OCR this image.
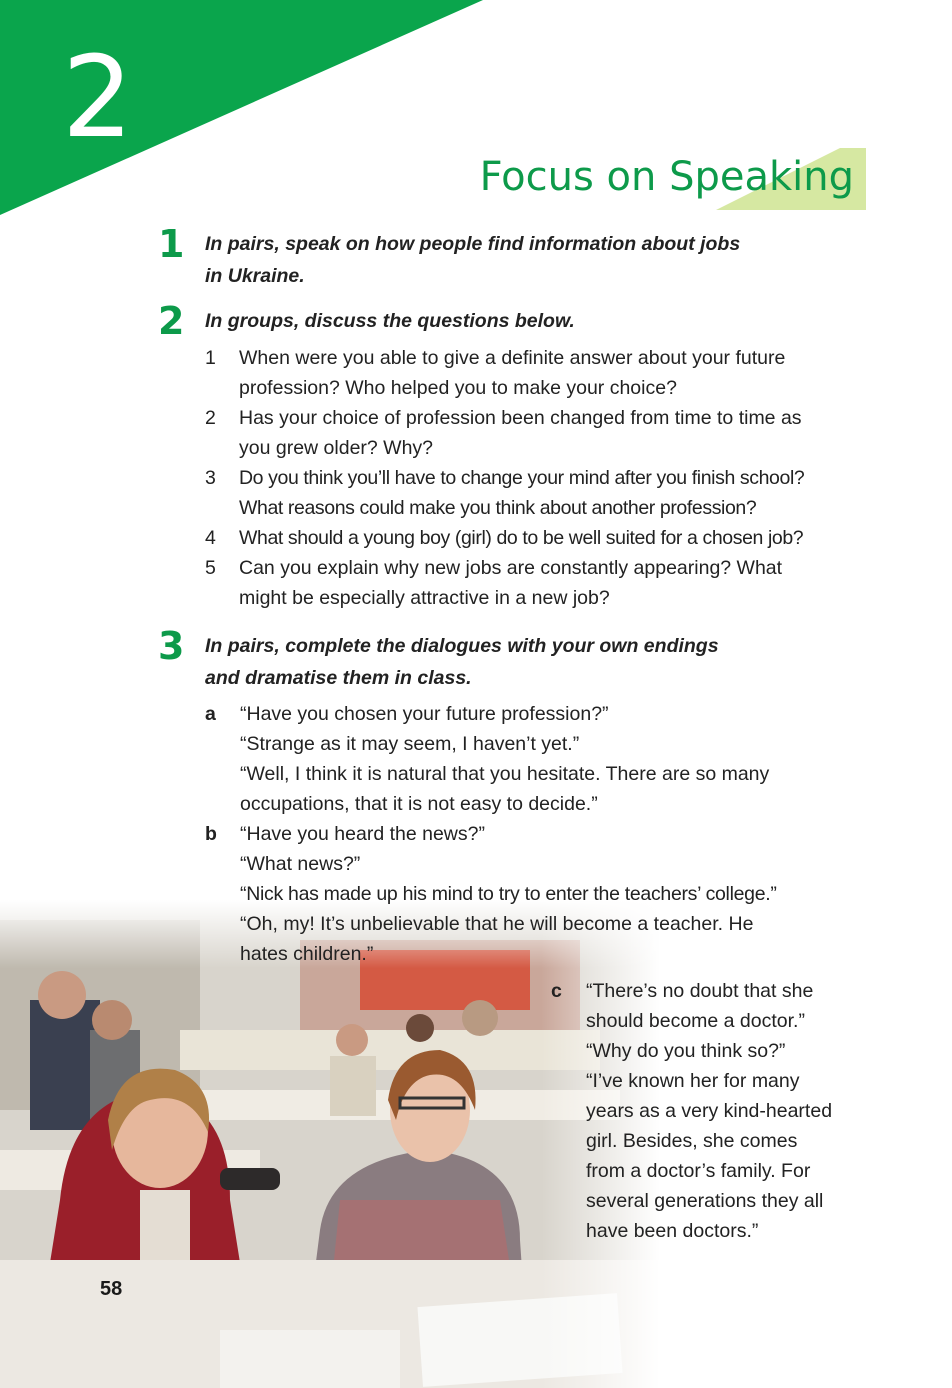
2
Focus on Speaking
1 In pairs, speak on how people find information about jobs
in Ukraine.
2 In groups, discuss the questions below.
1 When were you able to give a definite answer about your future
profession? Who helped you to make your choice?
2 Has your choice of profession been changed from time to time as
you grew older? Why?
3 Do you think you’ll have to change your mind after you finish school?
What reasons could make you think about another profession?
4 What should a young boy (girl) do to be well suited for a chosen job?
5 Can you explain why new jobs are constantly appearing? What
might be especially attractive in a new job?
3 In pairs, complete the dialogues with your own endings
and dramatise them in class.
a “Have you chosen your future profession?”
“Strange as it may seem, I haven’t yet.”
“Well, I think it is natural that you hesitate. There are so many
occupations, that it is not easy to decide.”
b “Have you heard the news?”
“What news?”
“Nick has made up his mind to try to enter the teachers’ college.”
“Oh, my! It’s unbelievable that he will become a teacher. He
hates children.”
c “There’s no doubt that she
should become a doctor.”
“Why do you think so?”
“I’ve known her for many
years as a very kind-hearted
girl. Besides, she comes
from a doctor’s family. For
several generations they all
have been doctors.”
58
